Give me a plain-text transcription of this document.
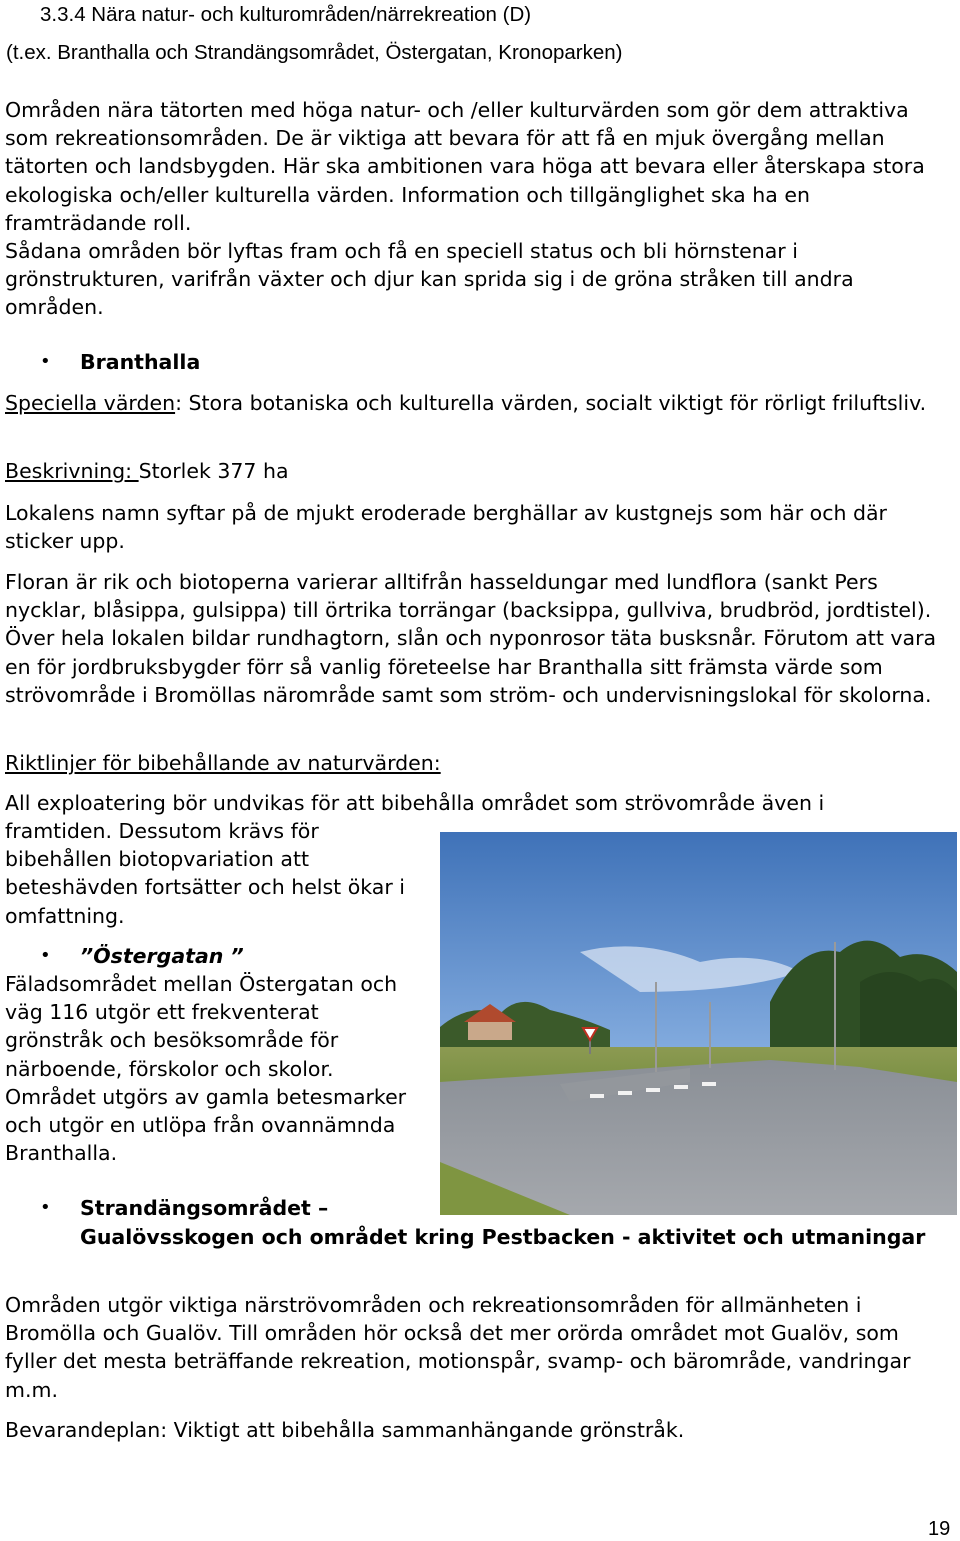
3.3.4 Nära natur- och kulturområden/närrekreation (D)
(t.ex. Branthalla och Strandängsområdet, Östergatan, Kronoparken)

Områden nära tätorten med höga natur- och /eller kulturvärden som gör dem attraktiva som rekreationsområden. De är viktiga att bevara för att få en mjuk övergång mellan tätorten och landsbygden. Här ska ambitionen vara höga att bevara eller återskapa stora ekologiska och/eller kulturella värden. Information och tillgänglighet ska ha en framträdande roll.

Sådana områden bör lyftas fram och få en speciell status och bli hörnstenar i grönstrukturen, varifrån växter och djur kan sprida sig i de gröna stråken till andra områden.

• Branthalla

Speciella värden: Stora botaniska och kulturella värden, socialt viktigt för rörligt friluftsliv.

Beskrivning: Storlek 377 ha

Lokalens namn syftar på de mjukt eroderade berghällar av kustgnejs som här och där sticker upp.

Floran är rik och biotoperna varierar alltifrån hasseldungar med lundflora (sankt Pers nycklar, blåsippa, gulsippa) till örtrika torrängar (backsippa, gullviva, brudbröd, jordtistel). Över hela lokalen bildar rundhagtorn, slån och nyponrosor täta busksnår. Förutom att vara en för jordbruksbygder förr så vanlig företeelse har Branthalla sitt främsta värde som strövområde i Bromöllas närområde samt som ström- och undervisningslokal för skolorna.

Riktlinjer för bibehållande av naturvärden:

All exploatering bör undvikas för att bibehålla området som strövområde även i

framtiden. Dessutom krävs för bibehållen biotopvariation att beteshävden fortsätter och helst ökar i omfattning.

• ”Östergatan ”

Fäladsområdet mellan Östergatan och väg 116 utgör ett frekventerat grönstråk och besöksområde för närboende, förskolor och skolor. Området utgörs av gamla betesmarker och utgör en utlöpa från ovannämnda Branthalla.

• Strandängsområdet –
Gualövsskogen och området kring Pestbacken - aktivitet och utmaningar

Områden utgör viktiga närströvområden och rekreationsområden för allmänheten i Bromölla och Gualöv. Till områden hör också det mer orörda området mot Gualöv, som fyller det mesta beträffande rekreation, motionspår, svamp- och bärområde, vandringar m.m.

Bevarandeplan: Viktigt att bibehålla sammanhängande grönstråk.

19
